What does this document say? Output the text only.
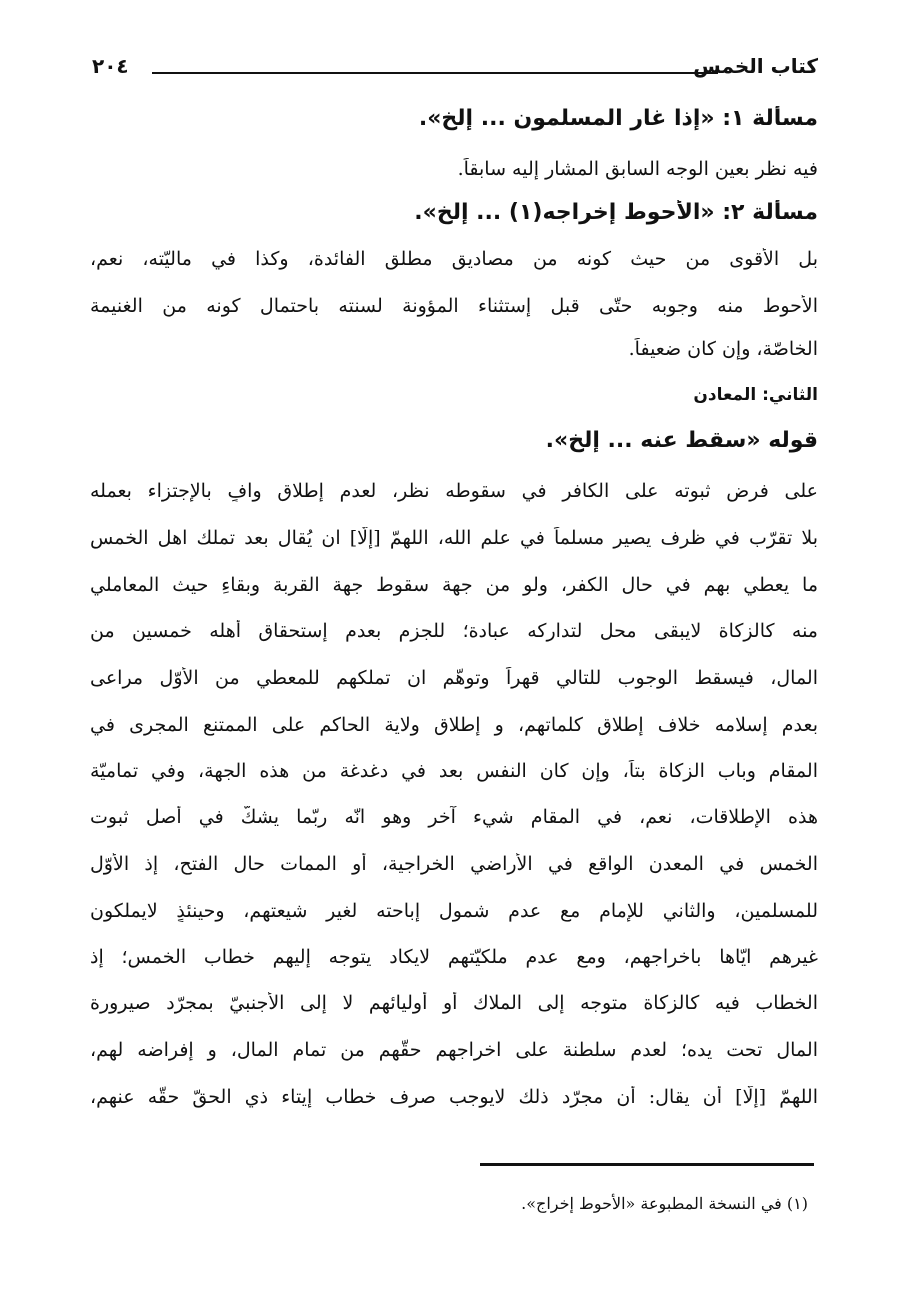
كتاب الخمس
٢٠٤
مسألة ١: «إذا غار المسلمون ... إلخ».
فيه نظر بعين الوجه السابق المشار إليه سابقاً.
مسألة ٢: «الأحوط إخراجه(١) ... إلخ».
بل الأقوى من حيث كونه من مصاديق مطلق الفائدة، وكذا في ماليّته، نعم،
الأحوط منه وجوبه حتّى قبل إستثناء المؤونة لسنته باحتمال كونه من الغنيمة
الخاصّة، وإن كان ضعيفاً.
الثاني: المعادن
قوله «سقط عنه ... إلخ».
على فرض ثبوته على الكافر في سقوطه نظر، لعدم إطلاقٍ وافٍ بالإجتزاء بعمله
بلا تقرّب في ظرف يصير مسلماً في علم الله، اللهمّ [إلّا] ان يُقال بعد تملك اهل الخمس
ما يعطي بهم في حال الكفر، ولو من جهة سقوط جهة القربة وبقاءِ حيث المعاملي
منه كالزكاة لايبقى محل لتداركه عبادة؛ للجزم بعدم إستحقاق أهله خمسين من
المال، فيسقط الوجوب للتالي قهراً وتوهّم ان تملكهم للمعطي من الأوّل مراعى
بعدم إسلامه خلاف إطلاق كلماتهم، و إطلاق ولاية الحاكم على الممتنع المجرى في
المقام وباب الزكاة بتاً، وإن كان النفس بعد في دغدغة من هذه الجهة، وفي تماميّة
هذه الإطلاقات، نعم، في المقام شيء آخر وهو انّه ربّما يشكّ في أصل ثبوت
الخمس في المعدن الواقع في الأراضي الخراجية، أو الممات حال الفتح، إذ الأوّل
للمسلمين، والثاني للإمام مع عدم شمول إباحته لغير شيعتهم، وحينئذٍ لايملكون
غيرهم ايّاها باخراجهم، ومع عدم ملكيّتهم لايكاد يتوجه إليهم خطاب الخمس؛ إذ
الخطاب فيه كالزكاة متوجه إلى الملاك أو أوليائهم لا إلى الأجنبيّ بمجرّد صيرورة
المال تحت يده؛ لعدم سلطنة على اخراجهم حقّهم من تمام المال، و إفراضه لهم،
اللهمّ [إلّا] أن يقال: أن مجرّد ذلك لايوجب صرف خطاب إيتاء ذي الحقّ حقّه عنهم،
(١) في النسخة المطبوعة «الأحوط إخراج».
